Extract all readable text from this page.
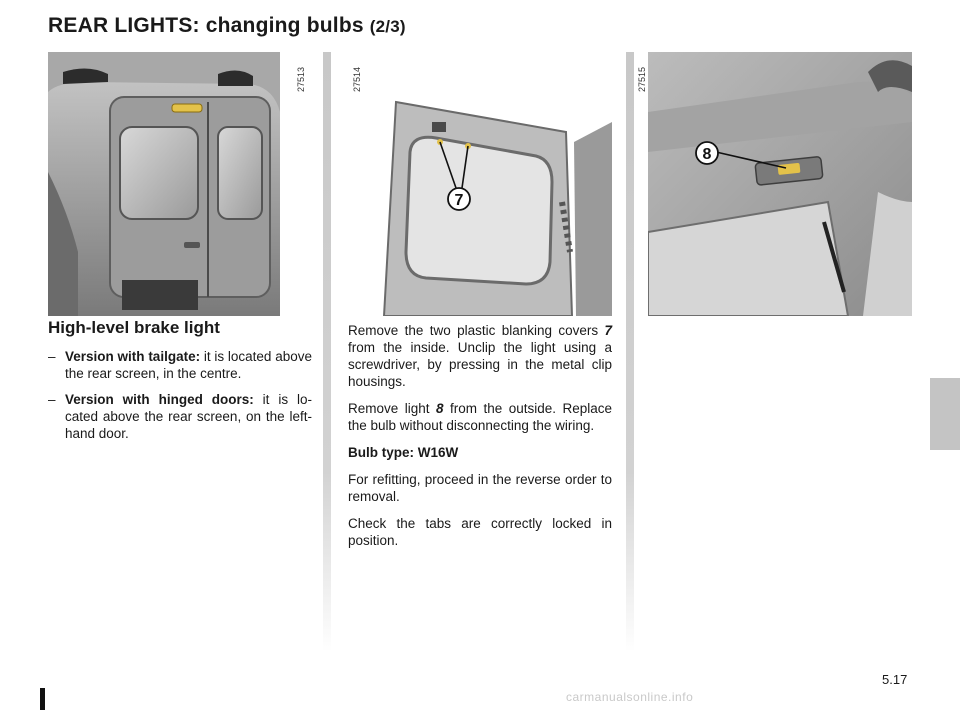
REAR LIGHTS: changing bulbs (2/3)
27513
7
27514
8
27515
High-level brake light
– Version with tailgate: it is located above the rear screen, in the centre.
– Version with hinged doors: it is lo-cated above the rear screen, on the left-hand door.

Remove the two plastic blanking covers 7 from the inside. Unclip the light using a screwdriver, by pressing in the metal clip housings.

Remove light 8 from the outside. Replace the bulb without disconnecting the wiring.

Bulb type: W16W

For refitting, proceed in the reverse order to removal.

Check the tabs are correctly locked in position.

5.17
carmanualsonline.info
